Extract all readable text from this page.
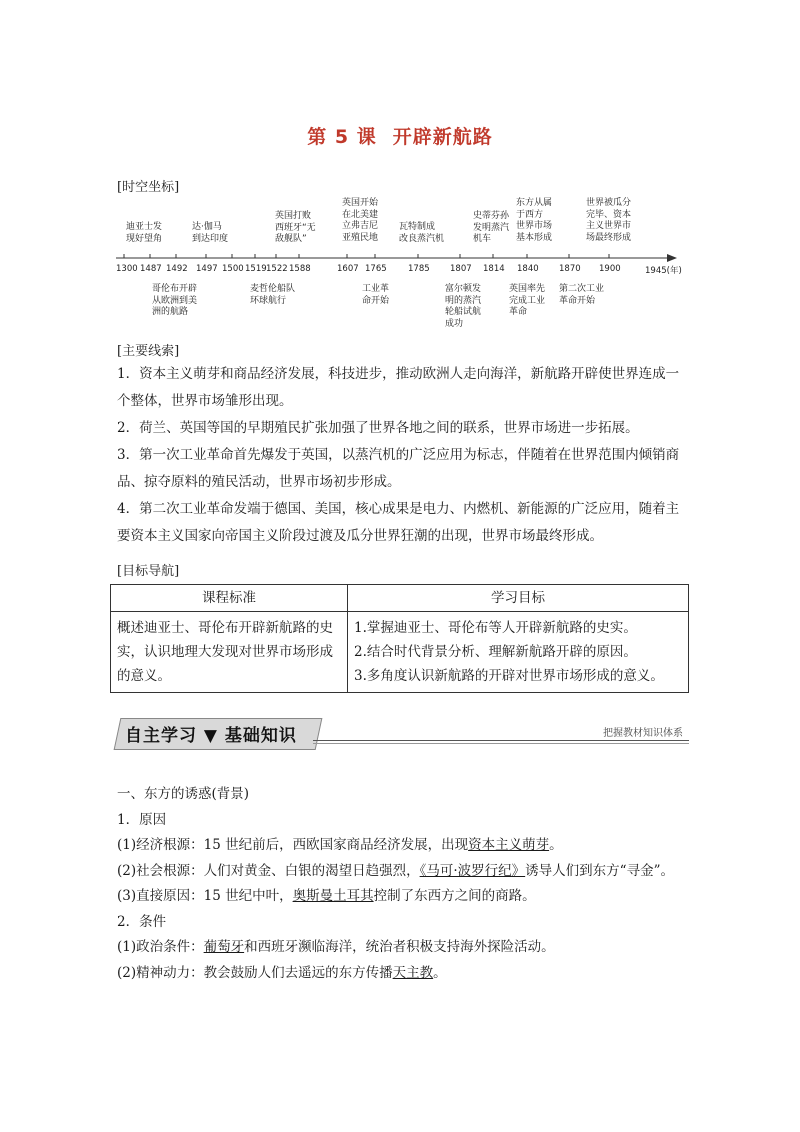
第 5 课 开辟新航路
[时空坐标]
迪亚士发
现好望角
达·伽马
到达印度
英国打败
西班牙“无
敌舰队”
英国开始
在北美建
立弗吉尼
亚殖民地
瓦特制成
改良蒸汽机
史蒂芬孙
发明蒸汽
机车
东方从属
于西方
世界市场
基本形成
世界被瓜分
完毕、资本
主义世界市
场最终形成
1300 1487 1492 1497 1500 1519 1522 1588	1607 1765	1785 1807 1814 1840 1870 1900	1945(年)
哥伦布开辟
从欧洲到美
洲的航路
麦哲伦船队
环球航行
工业革
命开始
富尔顿发
明的蒸汽
轮船试航
成功
英国率先
完成工业
革命
第二次工业
革命开始
[主要线索]

1．资本主义萌芽和商品经济发展，科技进步，推动欧洲人走向海洋，新航路开辟使世界连成一个整体，世界市场雏形出现。

2．荷兰、英国等国的早期殖民扩张加强了世界各地之间的联系，世界市场进一步拓展。

3．第一次工业革命首先爆发于英国，以蒸汽机的广泛应用为标志，伴随着在世界范围内倾销商品、掠夺原料的殖民活动，世界市场初步形成。

4．第二次工业革命发端于德国、美国，核心成果是电力、内燃机、新能源的广泛应用，随着主要资本主义国家向帝国主义阶段过渡及瓜分世界狂潮的出现，世界市场最终形成。

[目标导航]
课程标准	学习目标
概述迪亚士、哥伦布开辟新航路的史实，认识地理大发现对世界市场形成的意义。	1.掌握迪亚士、哥伦布等人开辟新航路的史实。

2.结合时代背景分析、理解新航路开辟的原因。

3.多角度认识新航路的开辟对世界市场形成的意义。

自主学习 ▼ 基础知识	把握教材知识体系

一、东方的诱惑(背景)

1．原因

(1)经济根源：15 世纪前后，西欧国家商品经济发展，出现资本主义萌芽。

(2)社会根源：人们对黄金、白银的渴望日趋强烈，《马可·波罗行纪》诱导人们到东方“寻金”。

(3)直接原因：15 世纪中叶，奥斯曼土耳其控制了东西方之间的商路。

2．条件

(1)政治条件：葡萄牙和西班牙濒临海洋，统治者积极支持海外探险活动。

(2)精神动力：教会鼓励人们去遥远的东方传播天主教。
